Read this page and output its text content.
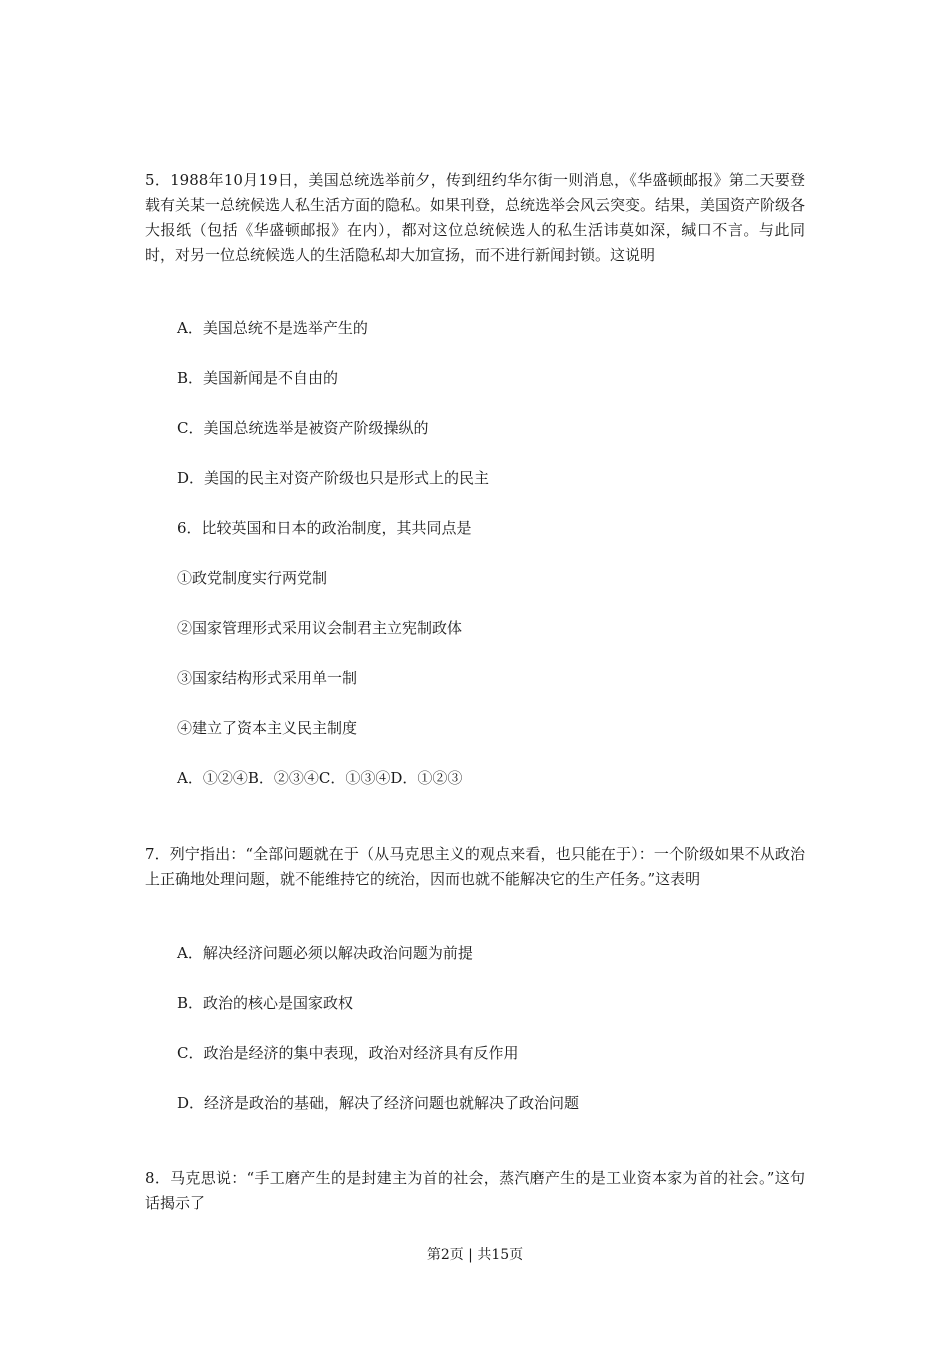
5．1988年10月19日，美国总统选举前夕，传到纽约华尔街一则消息，《华盛顿邮报》第二天要登载有关某一总统候选人私生活方面的隐私。如果刊登，总统选举会风云突变。结果，美国资产阶级各大报纸（包括《华盛顿邮报》在内），都对这位总统候选人的私生活讳莫如深，缄口不言。与此同时，对另一位总统候选人的生活隐私却大加宣扬，而不进行新闻封锁。这说明
A．美国总统不是选举产生的
B．美国新闻是不自由的
C．美国总统选举是被资产阶级操纵的
D．美国的民主对资产阶级也只是形式上的民主
6．比较英国和日本的政治制度，其共同点是
①政党制度实行两党制
②国家管理形式采用议会制君主立宪制政体
③国家结构形式采用单一制
④建立了资本主义民主制度
A．①②④B．②③④C．①③④D．①②③
7．列宁指出：“全部问题就在于（从马克思主义的观点来看，也只能在于）：一个阶级如果不从政治上正确地处理问题，就不能维持它的统治，因而也就不能解决它的生产任务。”这表明
A．解决经济问题必须以解决政治问题为前提
B．政治的核心是国家政权
C．政治是经济的集中表现，政治对经济具有反作用
D．经济是政治的基础，解决了经济问题也就解决了政治问题
8．马克思说：“手工磨产生的是封建主为首的社会，蒸汽磨产生的是工业资本家为首的社会。”这句话揭示了
第2页 | 共15页
